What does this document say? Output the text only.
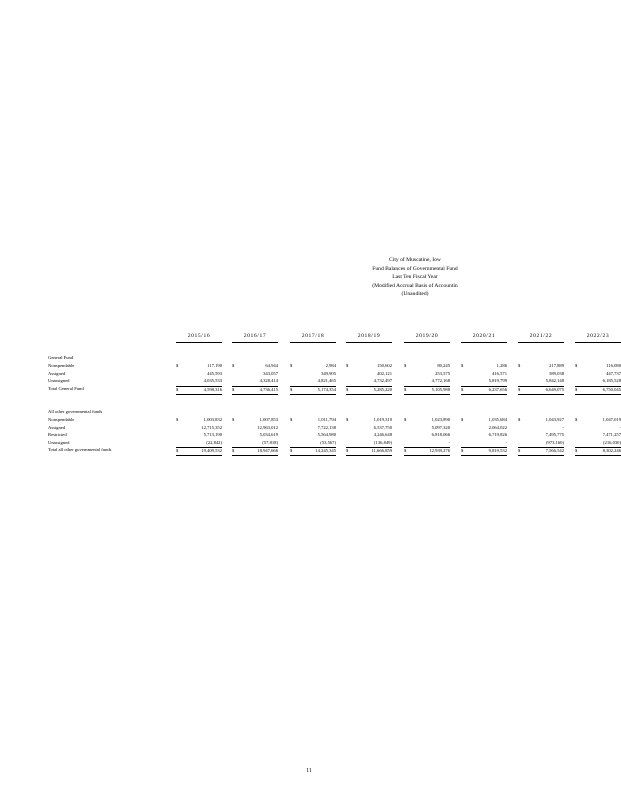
City of Muscatine, Iow
Fund Balances of Governmental Fund
Last Ten Fiscal Year
(Modified Accrual Basis of Accountin
(Unaudited)
2015/16	2016/17	2017/18	2018/19	2019/20	2020/21	2021/22	2022/23
General Fund
Nonspendable	$	117,190 $	64,944	$	2,984 $	150,602	$	80,245 $	1,286 $	217,889 $	116,080
Assigned	445,593	343,057	349,905	402,121	253,575	416,571	589,038	447,737
Unassigned	4,035,533	4,328,414	4,821,465	4,732,497	4,772,168	5,819,799	5,842,148	6,185,528
Total General Fund	$	4,598,316 $	4,736,415	$	5,174,354 $	5,285,220	$	5,105,988 $	6,237,656 $	6,649,075 $	6,750,045
All other governmental funds
Nonspendable	$	1,003,832 $	1,007,853	$	1,011,794 $	1,019,310	$	1,023,890 $	1,035,684 $	1,043,927 $	1,047,019
Assigned	12,715,352	12,963,012	7,722,138	6,537,750	5,097,320	2,064,022	-	-
Restricted	5,713,190	5,034,619	5,564,980	4,246,648	6,818,066	6,719,826	7,495,775	7,471,257
Unassigned	(22,842)	(57,818)	(53,567)	(136,849)	-	-	(973,160)	(216,030)
Total all other governmental funds	$	19,409,532 $	18,947,666	$	14,245,345 $	11,666,859	$	12,939,276 $	9,819,532 $	7,566,542 $	8,302,246
11
